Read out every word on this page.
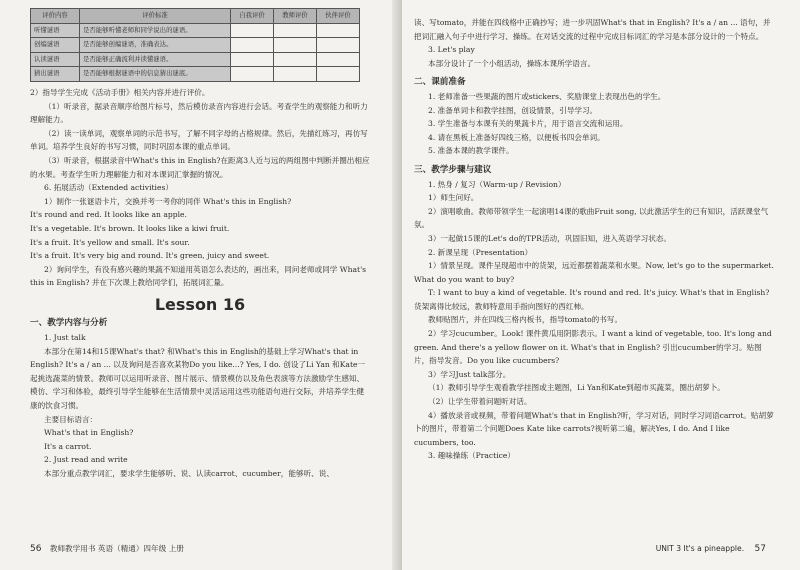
评价内容	评价标准	自我评价	教师评价	伙伴评价
听懂谜语	是否能够听懂老师和同学说出的谜语。			
创编谜语	是否能够创编谜语，准确表达。			
认读谜语	是否能够正确流利并读懂谜语。			
猜出谜语	是否能够根据谜语中的信息猜出谜底。			

2）指导学生完成《活动手册》相关内容并进行评价。

（1）听录音，据录音顺序给图片标号，然后模仿录音内容进行会话。考查学生的观察能力和听力理解能力。

（2）读一读单词，观察单词的示范书写，了解不同字母的占格规律。然后，先描红练习，再仿写单词。培养学生良好的书写习惯，同时巩固本课的重点单词。

（3）听录音，根据录音中What's this in English?在距离3人近与远的两组图中判断并圈出相应的水果。考查学生听力理解能力和对本课词汇掌握的情况。

6. 拓展活动（Extended activities）

1）制作一张谜语卡片，交换并考一考你的同伴 What's this in English?

It's round and red. It looks like an apple.

It's a vegetable. It's brown. It looks like a kiwi fruit.

It's a fruit. It's yellow and small. It's sour.

It's a fruit. It's very big and round. It's green, juicy and sweet.

2）询问学生，有没有感兴趣的果蔬不知道用英语怎么表达的，画出来，同问老师或同学 What's this in English? 并在下次课上教给同学们，拓展词汇量。

Lesson 16
一、教学内容与分析

1. Just talk

本部分在第14和15课What's that? 和What's this in English的基础上学习What's that in English? It's a / an ... 以及询问是否喜欢某物Do you like...? Yes, I do. 创设了Li Yan 和Kate一起挑选蔬菜的情景。教师可以运用听录音、图片展示、情景模仿以及角色表演等方法激励学生感知、模仿、学习和体验，最终引导学生能够在生活情景中灵活运用这些功能语句进行交际，并培养学生健康的饮食习惯。

主要目标语言：

What's that in English?

It's a carrot.

2. Just read and write

本部分重点教学词汇，要求学生能够听、说、认读carrot、cucumber，能够听、说、

56 教师教学用书 英语（精通）四年级 上册

读、写tomato，并能在四线格中正确抄写；进一步巩固What's that in English? It's a / an ... 语句，并把词汇融入句子中进行学习、操练。在对话交流的过程中完成目标词汇的学习是本部分设计的一个特点。

3. Let's play

本部分设计了一个小组活动，操练本课所学语言。

二、课前准备

1. 老师准备一些果蔬的图片或stickers、奖励课堂上表现出色的学生。

2. 准备单词卡和教学挂图，创设情景，引导学习。

3. 学生准备与本课有关的果蔬卡片，用于语言交流和运用。

4. 请在黑板上准备好四线三格，以便板书四会单词。

5. 准备本课的教学课件。

三、教学步骤与建议

1. 热身 / 复习（Warm-up / Revision）

1）师生问好。

2）演唱歌曲。教师带领学生一起演唱14课的歌曲Fruit song, 以此激活学生的已有知识，活跃课堂气氛。

3）一起做15课的Let's do的TPR活动，巩固旧知，进入英语学习状态。

2. 新课呈现（Presentation）

1）情景呈现。课件呈现超市中的货架，远近都摆着蔬菜和水果。Now, let's go to the supermarket. What do you want to buy?

T: I want to buy a kind of vegetable. It's round and red. It's juicy. What's that in English? 货架离得比较远，教师特意用手指向图好的西红柿。

教师贴图片，并在四线三格内板书，指导tomato的书写。

2）学习cucumber。Look! 课件黄瓜用阴影表示。I want a kind of vegetable, too. It's long and green. And there's a yellow flower on it. What's that in English? 引出cucumber的学习。贴图片，指导发音。Do you like cucumbers?

3）学习Just talk部分。

（1）教师引导学生观看教学挂图或主题图，Li Yan和Kate到超市买蔬菜，圈出胡萝卜。

（2）让学生带着问题听对话。

4）播放录音或视频，带着问题What's that in English?听，学习对话，同时学习词语carrot。贴胡萝卜的图片，带着第二个问题Does Kate like carrots?视听第二遍，解决Yes, I do. And I like cucumbers, too.

3. 趣味操练（Practice）

UNIT 3 It's a pineapple. 57
